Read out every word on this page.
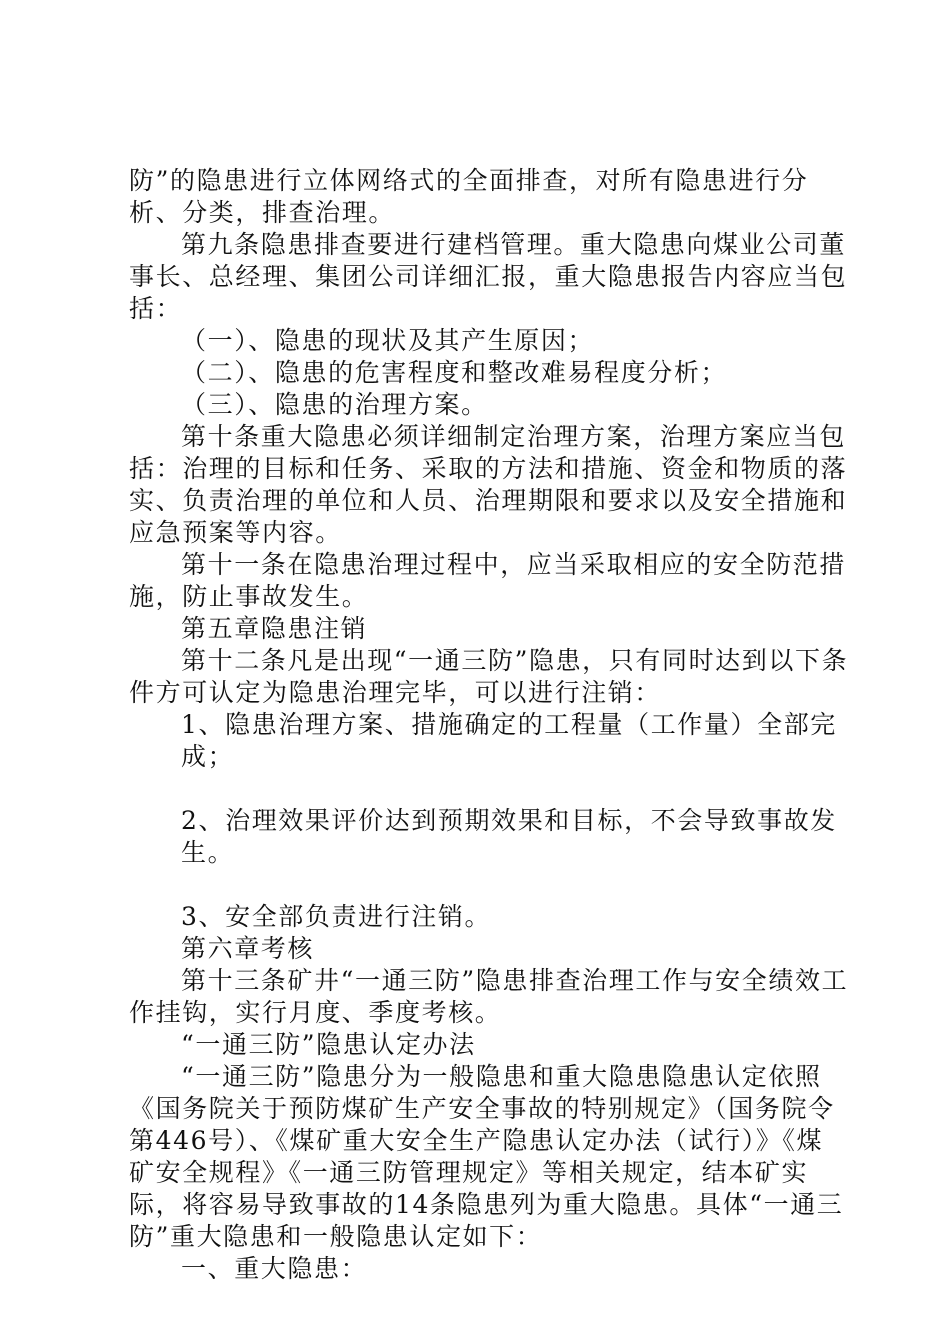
防”的隐患进行立体网络式的全面排查，对所有隐患进行分析、分类，排查治理。

第九条隐患排查要进行建档管理。重大隐患向煤业公司董事长、总经理、集团公司详细汇报，重大隐患报告内容应当包括：

（一）、隐患的现状及其产生原因；

（二）、隐患的危害程度和整改难易程度分析；

（三）、隐患的治理方案。

第十条重大隐患必须详细制定治理方案，治理方案应当包括：治理的目标和任务、采取的方法和措施、资金和物质的落实、负责治理的单位和人员、治理期限和要求以及安全措施和应急预案等内容。

第十一条在隐患治理过程中，应当采取相应的安全防范措施，防止事故发生。

第五章隐患注销

第十二条凡是出现“一通三防”隐患，只有同时达到以下条件方可认定为隐患治理完毕，可以进行注销：

1、隐患治理方案、措施确定的工程量（工作量）全部完成；

2、治理效果评价达到预期效果和目标，不会导致事故发生。

3、安全部负责进行注销。

第六章考核

第十三条矿井“一通三防”隐患排查治理工作与安全绩效工作挂钩，实行月度、季度考核。

“一通三防”隐患认定办法

“一通三防”隐患分为一般隐患和重大隐患隐患认定依照《国务院关于预防煤矿生产安全事故的特别规定》（国务院令第446号）、《煤矿重大安全生产隐患认定办法（试行）》《煤矿安全规程》《一通三防管理规定》等相关规定，结本矿实际，将容易导致事故的14条隐患列为重大隐患。具体“一通三防”重大隐患和一般隐患认定如下：

一、重大隐患：
